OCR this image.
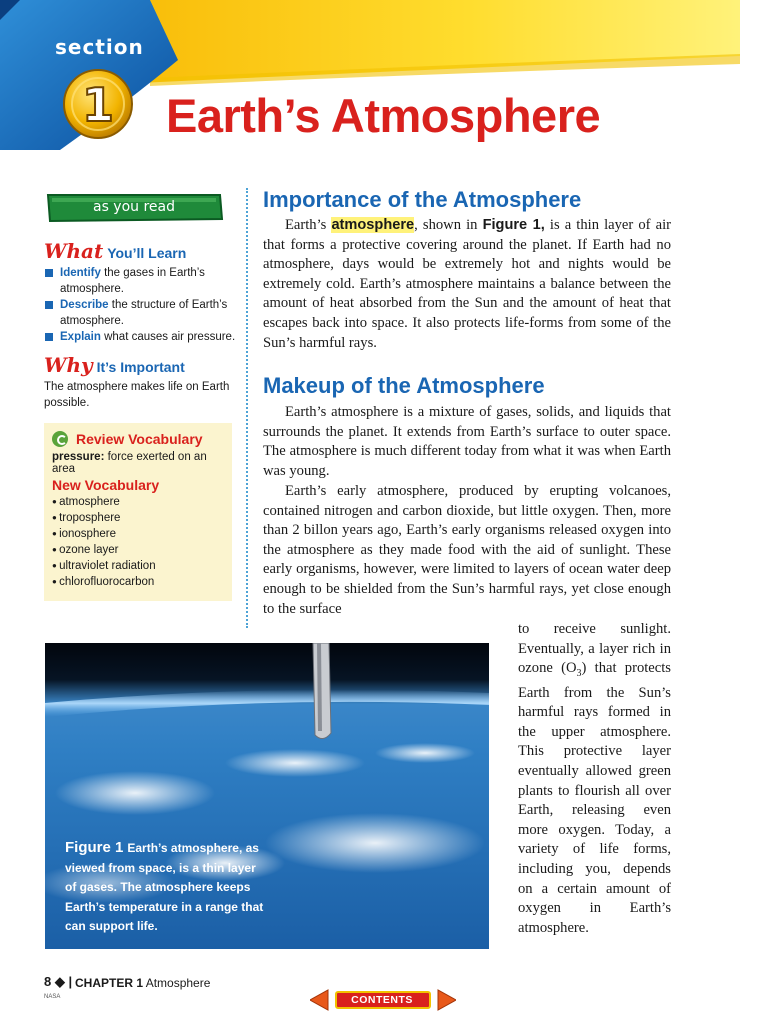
1
section
Earth’s Atmosphere
as you read
What You’ll Learn
Identify the gases in Earth’s atmosphere.
Describe the structure of Earth’s atmosphere.
Explain what causes air pressure.
Why It’s Important
The atmosphere makes life on Earth possible.
Review Vocabulary
pressure: force exerted on an area
New Vocabulary
● atmosphere
● troposphere
● ionosphere
● ozone layer
● ultraviolet radiation
● chlorofluorocarbon
Importance of the Atmosphere

Earth’s atmosphere, shown in Figure 1, is a thin layer of air that forms a protective covering around the planet. If Earth had no atmosphere, days would be extremely hot and nights would be extremely cold. Earth’s atmosphere maintains a balance between the amount of heat absorbed from the Sun and the amount of heat that escapes back into space. It also protects life-forms from some of the Sun’s harmful rays.

Makeup of the Atmosphere

Earth’s atmosphere is a mixture of gases, solids, and liquids that surrounds the planet. It extends from Earth’s surface to outer space. The atmosphere is much different today from what it was when Earth was young.

Earth’s early atmosphere, produced by erupting volcanoes, contained nitrogen and carbon dioxide, but little oxygen. Then, more than 2 billon years ago, Earth’s early organisms released oxygen into the atmosphere as they made food with the aid of sunlight. These early organisms, however, were limited to layers of ocean water deep enough to be shielded from the Sun’s harmful rays, yet close enough to the surface

to receive sunlight. Eventually, a layer rich in ozone $(O_3)$ that protects Earth from the Sun’s harmful rays formed in the upper atmosphere. This protective layer eventually allowed green plants to flourish all over Earth, releasing even more oxygen. Today, a variety of life forms, including you, depends on a certain amount of oxygen in Earth’s atmosphere.

Figure 1 Earth’s atmosphere, as viewed from space, is a thin layer of gases. The atmosphere keeps Earth’s temperature in a range that can support life.
8 ◆ | CHAPTER 1 Atmosphere
NASA	CONTENTS
